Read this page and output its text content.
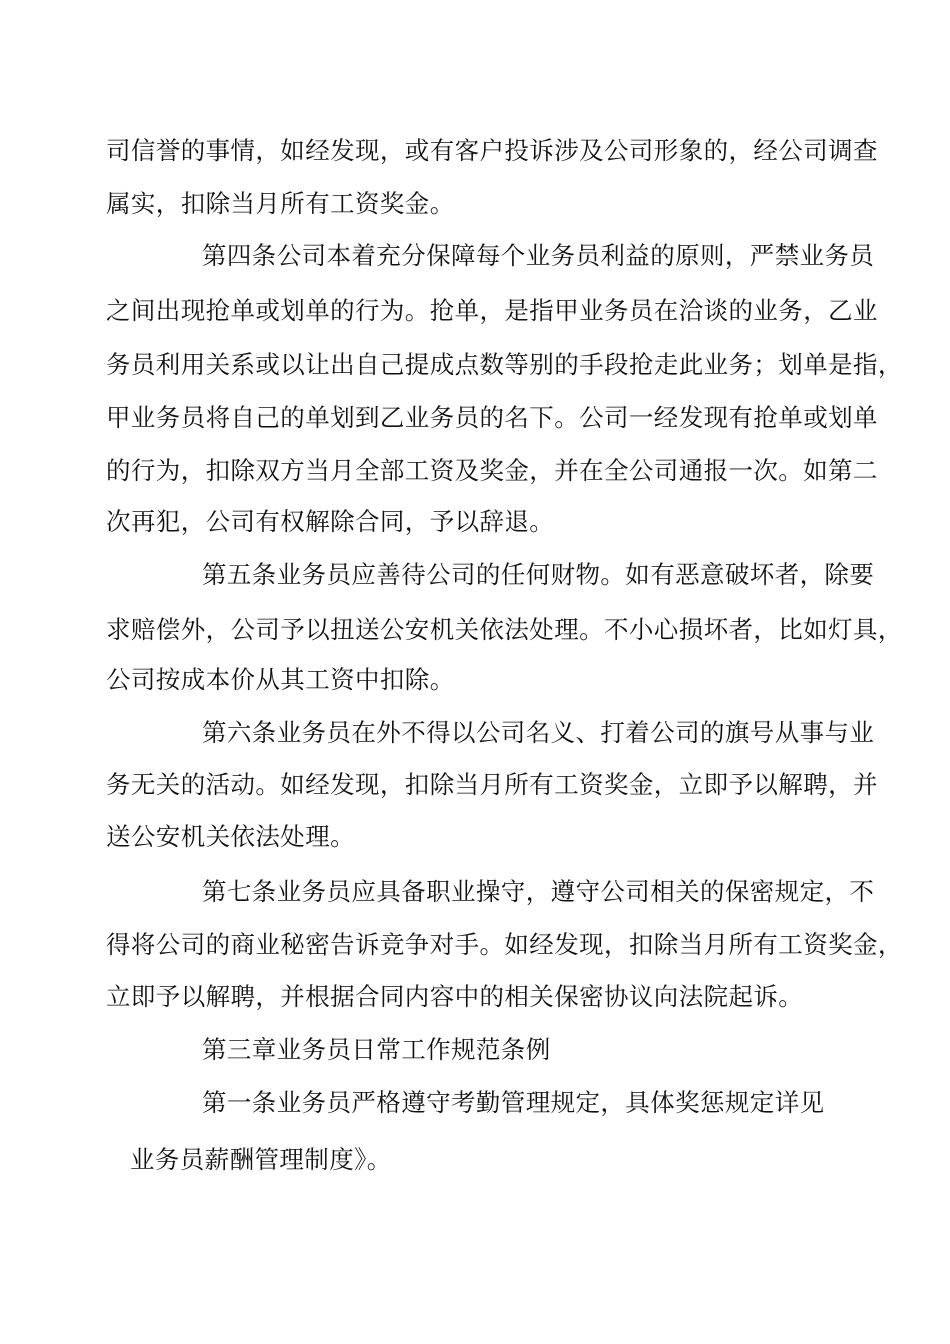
司信誉的事情，如经发现，或有客户投诉涉及公司形象的，经公司调查
属实，扣除当月所有工资奖金。
第四条公司本着充分保障每个业务员利益的原则，严禁业务员
之间出现抢单或划单的行为。抢单，是指甲业务员在洽谈的业务，乙业
务员利用关系或以让出自己提成点数等别的手段抢走此业务；划单是指，
甲业务员将自己的单划到乙业务员的名下。公司一经发现有抢单或划单
的行为，扣除双方当月全部工资及奖金，并在全公司通报一次。如第二
次再犯，公司有权解除合同，予以辞退。
第五条业务员应善待公司的任何财物。如有恶意破坏者，除要
求赔偿外，公司予以扭送公安机关依法处理。不小心损坏者，比如灯具，
公司按成本价从其工资中扣除。
第六条业务员在外不得以公司名义、打着公司的旗号从事与业
务无关的活动。如经发现，扣除当月所有工资奖金，立即予以解聘，并
送公安机关依法处理。
第七条业务员应具备职业操守，遵守公司相关的保密规定，不
得将公司的商业秘密告诉竞争对手。如经发现，扣除当月所有工资奖金，
立即予以解聘，并根据合同内容中的相关保密协议向法院起诉。
第三章业务员日常工作规范条例
第一条业务员严格遵守考勤管理规定，具体奖惩规定详见
业务员薪酬管理制度》。
